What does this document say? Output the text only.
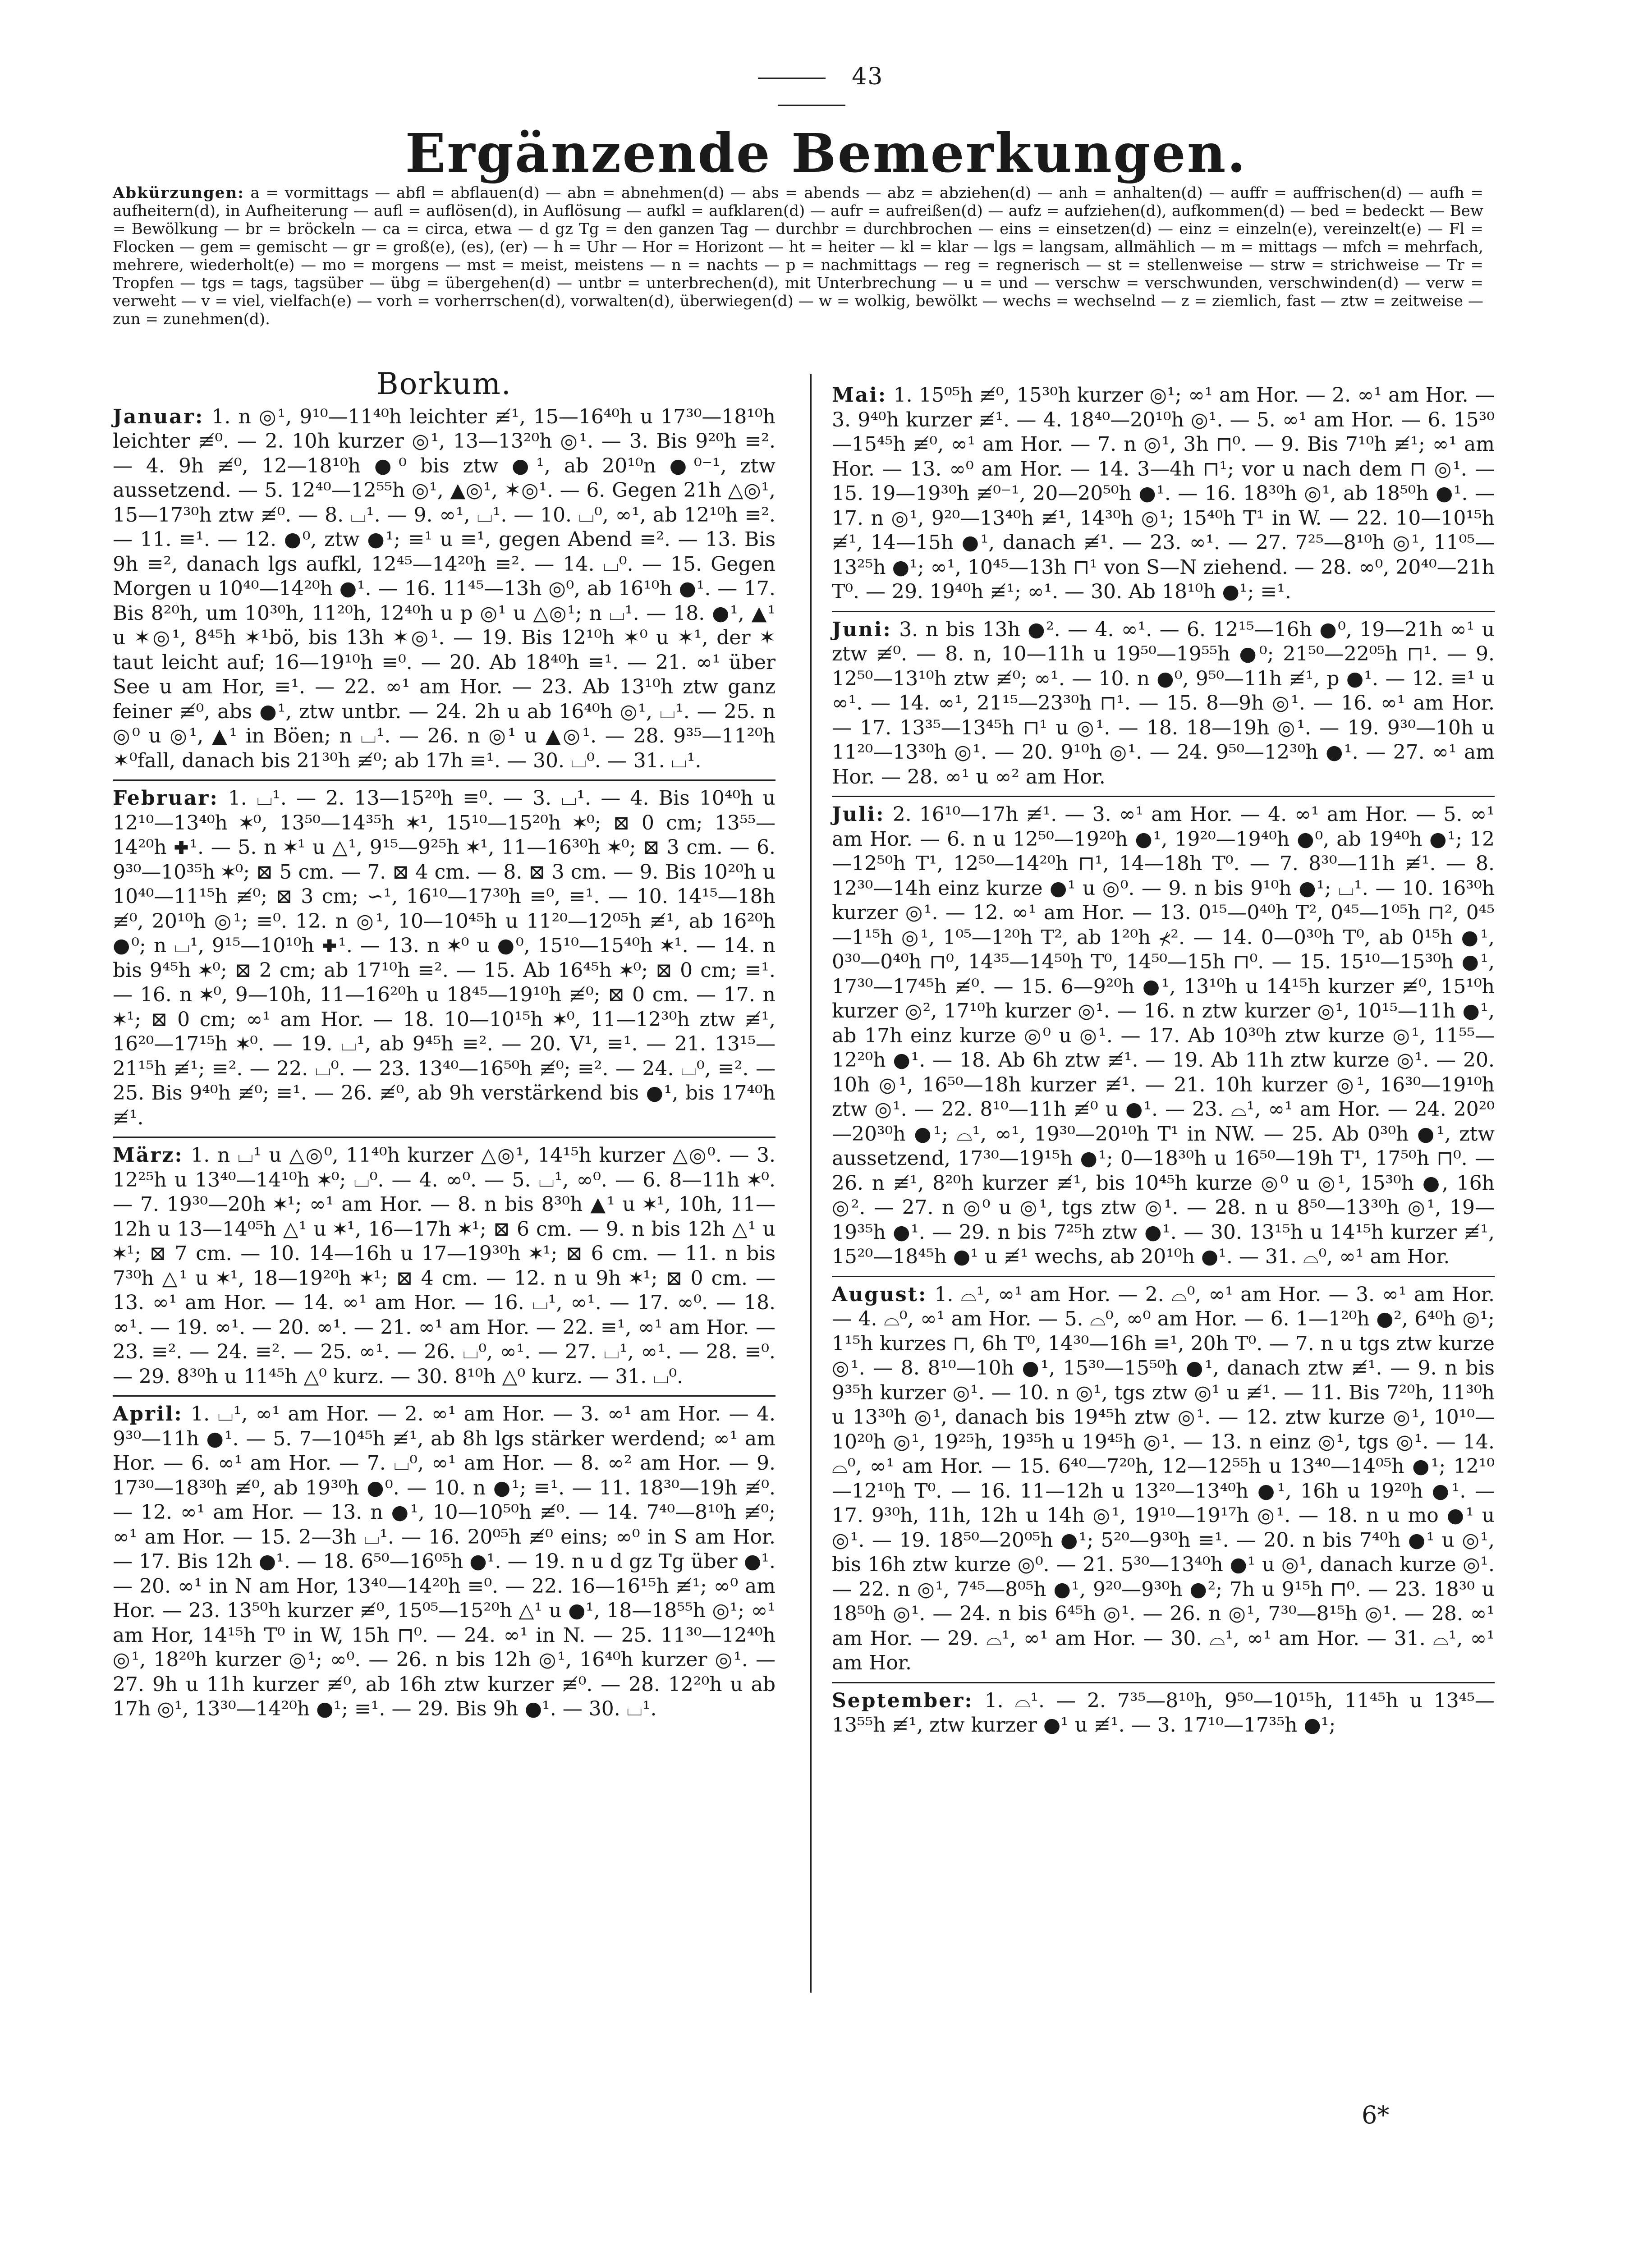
43
Ergänzende Bemerkungen.
Abkürzungen: a = vormittags — abfl = abflauen(d) — abn = abnehmen(d) — abs = abends — abz = abziehen(d) — anh = anhalten(d) — auffr = auffrischen(d) — aufh = aufheitern(d), in Aufheiterung — aufl = auflösen(d), in Auflösung — aufkl = aufklaren(d) — aufr = aufreißen(d) — aufz = aufziehen(d), aufkommen(d) — bed = bedeckt — Bew = Bewölkung — br = bröckeln — ca = circa, etwa — d gz Tg = den ganzen Tag — durchbr = durchbrochen — eins = einsetzen(d) — einz = einzeln(e), vereinzelt(e) — Fl = Flocken — gem = gemischt — gr = groß(e), (es), (er) — h = Uhr — Hor = Horizont — ht = heiter — kl = klar — lgs = langsam, allmählich — m = mittags — mfch = mehrfach, mehrere, wiederholt(e) — mo = morgens — mst = meist, meistens — n = nachts — p = nachmittags — reg = regnerisch — st = stellenweise — strw = strichweise — Tr = Tropfen — tgs = tags, tagsüber — übg = übergehen(d) — untbr = unterbrechen(d), mit Unterbrechung — u = und — verschw = verschwunden, verschwinden(d) — verw = verweht — v = viel, vielfach(e) — vorh = vorherrschen(d), vorwalten(d), überwiegen(d) — w = wolkig, bewölkt — wechs = wechselnd — z = ziemlich, fast — ztw = zeitweise — zun = zunehmen(d).
Borkum.

Januar: 1. n ◎¹, 9¹⁰—11⁴⁰h leichter ≢¹, 15—16⁴⁰h u 17³⁰—18¹⁰h leichter ≢⁰. — 2. 10h kurzer ◎¹, 13—13²⁰h ◎¹. — 3. Bis 9²⁰h ≡². — 4. 9h ≢⁰, 12—18¹⁰h ●⁰ bis ztw ●¹, ab 20¹⁰n ●⁰⁻¹, ztw aussetzend. — 5. 12⁴⁰—12⁵⁵h ◎¹, ▲◎¹, ✶◎¹. — 6. Gegen 21h △◎¹, 15—17³⁰h ztw ≢⁰. — 8. ⌴¹. — 9. ∞¹, ⌴¹. — 10. ⌴⁰, ∞¹, ab 12¹⁰h ≡². — 11. ≡¹. — 12. ●⁰, ztw ●¹; ≡¹ u ≡¹, gegen Abend ≡². — 13. Bis 9h ≡², danach lgs aufkl, 12⁴⁵—14²⁰h ≡². — 14. ⌴⁰. — 15. Gegen Morgen u 10⁴⁰—14²⁰h ●¹. — 16. 11⁴⁵—13h ◎⁰, ab 16¹⁰h ●¹. — 17. Bis 8²⁰h, um 10³⁰h, 11²⁰h, 12⁴⁰h u p ◎¹ u △◎¹; n ⌴¹. — 18. ●¹, ▲¹ u ✶◎¹, 8⁴⁵h ✶¹bö, bis 13h ✶◎¹. — 19. Bis 12¹⁰h ✶⁰ u ✶¹, der ✶ taut leicht auf; 16—19¹⁰h ≡⁰. — 20. Ab 18⁴⁰h ≡¹. — 21. ∞¹ über See u am Hor, ≡¹. — 22. ∞¹ am Hor. — 23. Ab 13¹⁰h ztw ganz feiner ≢⁰, abs ●¹, ztw untbr. — 24. 2h u ab 16⁴⁰h ◎¹, ⌴¹. — 25. n ◎⁰ u ◎¹, ▲¹ in Böen; n ⌴¹. — 26. n ◎¹ u ▲◎¹. — 28. 9³⁵—11²⁰h ✶⁰fall, danach bis 21³⁰h ≢⁰; ab 17h ≡¹. — 30. ⌴⁰. — 31. ⌴¹.

Februar: 1. ⌴¹. — 2. 13—15²⁰h ≡⁰. — 3. ⌴¹. — 4. Bis 10⁴⁰h u 12¹⁰—13⁴⁰h ✶⁰, 13⁵⁰—14³⁵h ✶¹, 15¹⁰—15²⁰h ✶⁰; ⊠ 0 cm; 13⁵⁵—14²⁰h ✚¹. — 5. n ✶¹ u △¹, 9¹⁵—9²⁵h ✶¹, 11—16³⁰h ✶⁰; ⊠ 3 cm. — 6. 9³⁰—10³⁵h ✶⁰; ⊠ 5 cm. — 7. ⊠ 4 cm. — 8. ⊠ 3 cm. — 9. Bis 10²⁰h u 10⁴⁰—11¹⁵h ≢⁰; ⊠ 3 cm; ∽¹, 16¹⁰—17³⁰h ≡⁰, ≡¹. — 10. 14¹⁵—18h ≢⁰, 20¹⁰h ◎¹; ≡⁰. 12. n ◎¹, 10—10⁴⁵h u 11²⁰—12⁰⁵h ≢¹, ab 16²⁰h ●⁰; n ⌴¹, 9¹⁵—10¹⁰h ✚¹. — 13. n ✶⁰ u ●⁰, 15¹⁰—15⁴⁰h ✶¹. — 14. n bis 9⁴⁵h ✶⁰; ⊠ 2 cm; ab 17¹⁰h ≡². — 15. Ab 16⁴⁵h ✶⁰; ⊠ 0 cm; ≡¹. — 16. n ✶⁰, 9—10h, 11—16²⁰h u 18⁴⁵—19¹⁰h ≢⁰; ⊠ 0 cm. — 17. n ✶¹; ⊠ 0 cm; ∞¹ am Hor. — 18. 10—10¹⁵h ✶⁰, 11—12³⁰h ztw ≢¹, 16²⁰—17¹⁵h ✶⁰. — 19. ⌴¹, ab 9⁴⁵h ≡². — 20. V¹, ≡¹. — 21. 13¹⁵—21¹⁵h ≢¹; ≡². — 22. ⌴⁰. — 23. 13⁴⁰—16⁵⁰h ≢⁰; ≡². — 24. ⌴⁰, ≡². — 25. Bis 9⁴⁰h ≢⁰; ≡¹. — 26. ≢⁰, ab 9h verstärkend bis ●¹, bis 17⁴⁰h ≢¹.

März: 1. n ⌴¹ u △◎⁰, 11⁴⁰h kurzer △◎¹, 14¹⁵h kurzer △◎⁰. — 3. 12²⁵h u 13⁴⁰—14¹⁰h ✶⁰; ⌴⁰. — 4. ∞⁰. — 5. ⌴¹, ∞⁰. — 6. 8—11h ✶⁰. — 7. 19³⁰—20h ✶¹; ∞¹ am Hor. — 8. n bis 8³⁰h ▲¹ u ✶¹, 10h, 11—12h u 13—14⁰⁵h △¹ u ✶¹, 16—17h ✶¹; ⊠ 6 cm. — 9. n bis 12h △¹ u ✶¹; ⊠ 7 cm. — 10. 14—16h u 17—19³⁰h ✶¹; ⊠ 6 cm. — 11. n bis 7³⁰h △¹ u ✶¹, 18—19²⁰h ✶¹; ⊠ 4 cm. — 12. n u 9h ✶¹; ⊠ 0 cm. — 13. ∞¹ am Hor. — 14. ∞¹ am Hor. — 16. ⌴¹, ∞¹. — 17. ∞⁰. — 18. ∞¹. — 19. ∞¹. — 20. ∞¹. — 21. ∞¹ am Hor. — 22. ≡¹, ∞¹ am Hor. — 23. ≡². — 24. ≡². — 25. ∞¹. — 26. ⌴⁰, ∞¹. — 27. ⌴¹, ∞¹. — 28. ≡⁰. — 29. 8³⁰h u 11⁴⁵h △⁰ kurz. — 30. 8¹⁰h △⁰ kurz. — 31. ⌴⁰.

April: 1. ⌴¹, ∞¹ am Hor. — 2. ∞¹ am Hor. — 3. ∞¹ am Hor. — 4. 9³⁰—11h ●¹. — 5. 7—10⁴⁵h ≢¹, ab 8h lgs stärker werdend; ∞¹ am Hor. — 6. ∞¹ am Hor. — 7. ⌴⁰, ∞¹ am Hor. — 8. ∞² am Hor. — 9. 17³⁰—18³⁰h ≢⁰, ab 19³⁰h ●⁰. — 10. n ●¹; ≡¹. — 11. 18³⁰—19h ≢⁰. — 12. ∞¹ am Hor. — 13. n ●¹, 10—10⁵⁰h ≢⁰. — 14. 7⁴⁰—8¹⁰h ≢⁰; ∞¹ am Hor. — 15. 2—3h ⌴¹. — 16. 20⁰⁵h ≢⁰ eins; ∞⁰ in S am Hor. — 17. Bis 12h ●¹. — 18. 6⁵⁰—16⁰⁵h ●¹. — 19. n u d gz Tg über ●¹. — 20. ∞¹ in N am Hor, 13⁴⁰—14²⁰h ≡⁰. — 22. 16—16¹⁵h ≢¹; ∞⁰ am Hor. — 23. 13⁵⁰h kurzer ≢⁰, 15⁰⁵—15²⁰h △¹ u ●¹, 18—18⁵⁵h ◎¹; ∞¹ am Hor, 14¹⁵h T⁰ in W, 15h ⊓⁰. — 24. ∞¹ in N. — 25. 11³⁰—12⁴⁰h ◎¹, 18²⁰h kurzer ◎¹; ∞⁰. — 26. n bis 12h ◎¹, 16⁴⁰h kurzer ◎¹. — 27. 9h u 11h kurzer ≢⁰, ab 16h ztw kurzer ≢⁰. — 28. 12²⁰h u ab 17h ◎¹, 13³⁰—14²⁰h ●¹; ≡¹. — 29. Bis 9h ●¹. — 30. ⌴¹.

Mai: 1. 15⁰⁵h ≢⁰, 15³⁰h kurzer ◎¹; ∞¹ am Hor. — 2. ∞¹ am Hor. — 3. 9⁴⁰h kurzer ≢¹. — 4. 18⁴⁰—20¹⁰h ◎¹. — 5. ∞¹ am Hor. — 6. 15³⁰—15⁴⁵h ≢⁰, ∞¹ am Hor. — 7. n ◎¹, 3h ⊓⁰. — 9. Bis 7¹⁰h ≢¹; ∞¹ am Hor. — 13. ∞⁰ am Hor. — 14. 3—4h ⊓¹; vor u nach dem ⊓ ◎¹. — 15. 19—19³⁰h ≢⁰⁻¹, 20—20⁵⁰h ●¹. — 16. 18³⁰h ◎¹, ab 18⁵⁰h ●¹. — 17. n ◎¹, 9²⁰—13⁴⁰h ≢¹, 14³⁰h ◎¹; 15⁴⁰h T¹ in W. — 22. 10—10¹⁵h ≢¹, 14—15h ●¹, danach ≢¹. — 23. ∞¹. — 27. 7²⁵—8¹⁰h ◎¹, 11⁰⁵—13²⁵h ●¹; ∞¹, 10⁴⁵—13h ⊓¹ von S—N ziehend. — 28. ∞⁰, 20⁴⁰—21h T⁰. — 29. 19⁴⁰h ≢¹; ∞¹. — 30. Ab 18¹⁰h ●¹; ≡¹.

Juni: 3. n bis 13h ●². — 4. ∞¹. — 6. 12¹⁵—16h ●⁰, 19—21h ∞¹ u ztw ≢⁰. — 8. n, 10—11h u 19⁵⁰—19⁵⁵h ●⁰; 21⁵⁰—22⁰⁵h ⊓¹. — 9. 12⁵⁰—13¹⁰h ztw ≢⁰; ∞¹. — 10. n ●⁰, 9⁵⁰—11h ≢¹, p ●¹. — 12. ≡¹ u ∞¹. — 14. ∞¹, 21¹⁵—23³⁰h ⊓¹. — 15. 8—9h ◎¹. — 16. ∞¹ am Hor. — 17. 13³⁵—13⁴⁵h ⊓¹ u ◎¹. — 18. 18—19h ◎¹. — 19. 9³⁰—10h u 11²⁰—13³⁰h ◎¹. — 20. 9¹⁰h ◎¹. — 24. 9⁵⁰—12³⁰h ●¹. — 27. ∞¹ am Hor. — 28. ∞¹ u ∞² am Hor.

Juli: 2. 16¹⁰—17h ≢¹. — 3. ∞¹ am Hor. — 4. ∞¹ am Hor. — 5. ∞¹ am Hor. — 6. n u 12⁵⁰—19²⁰h ●¹, 19²⁰—19⁴⁰h ●⁰, ab 19⁴⁰h ●¹; 12—12⁵⁰h T¹, 12⁵⁰—14²⁰h ⊓¹, 14—18h T⁰. — 7. 8³⁰—11h ≢¹. — 8. 12³⁰—14h einz kurze ●¹ u ◎⁰. — 9. n bis 9¹⁰h ●¹; ⌴¹. — 10. 16³⁰h kurzer ◎¹. — 12. ∞¹ am Hor. — 13. 0¹⁵—0⁴⁰h T², 0⁴⁵—1⁰⁵h ⊓², 0⁴⁵—1¹⁵h ◎¹, 1⁰⁵—1²⁰h T², ab 1²⁰h ⊀². — 14. 0—0³⁰h T⁰, ab 0¹⁵h ●¹, 0³⁰—0⁴⁰h ⊓⁰, 14³⁵—14⁵⁰h T⁰, 14⁵⁰—15h ⊓⁰. — 15. 15¹⁰—15³⁰h ●¹, 17³⁰—17⁴⁵h ≢⁰. — 15. 6—9²⁰h ●¹, 13¹⁰h u 14¹⁵h kurzer ≢⁰, 15¹⁰h kurzer ◎², 17¹⁰h kurzer ◎¹. — 16. n ztw kurzer ◎¹, 10¹⁵—11h ●¹, ab 17h einz kurze ◎⁰ u ◎¹. — 17. Ab 10³⁰h ztw kurze ◎¹, 11⁵⁵—12²⁰h ●¹. — 18. Ab 6h ztw ≢¹. — 19. Ab 11h ztw kurze ◎¹. — 20. 10h ◎¹, 16⁵⁰—18h kurzer ≢¹. — 21. 10h kurzer ◎¹, 16³⁰—19¹⁰h ztw ◎¹. — 22. 8¹⁰—11h ≢⁰ u ●¹. — 23. ⌓¹, ∞¹ am Hor. — 24. 20²⁰—20³⁰h ●¹; ⌓¹, ∞¹, 19³⁰—20¹⁰h T¹ in NW. — 25. Ab 0³⁰h ●¹, ztw aussetzend, 17³⁰—19¹⁵h ●¹; 0—18³⁰h u 16⁵⁰—19h T¹, 17⁵⁰h ⊓⁰. — 26. n ≢¹, 8²⁰h kurzer ≢¹, bis 10⁴⁵h kurze ◎⁰ u ◎¹, 15³⁰h ●, 16h ◎². — 27. n ◎⁰ u ◎¹, tgs ztw ◎¹. — 28. n u 8⁵⁰—13³⁰h ◎¹, 19—19³⁵h ●¹. — 29. n bis 7²⁵h ztw ●¹. — 30. 13¹⁵h u 14¹⁵h kurzer ≢¹, 15²⁰—18⁴⁵h ●¹ u ≢¹ wechs, ab 20¹⁰h ●¹. — 31. ⌓⁰, ∞¹ am Hor.

August: 1. ⌓¹, ∞¹ am Hor. — 2. ⌓⁰, ∞¹ am Hor. — 3. ∞¹ am Hor. — 4. ⌓⁰, ∞¹ am Hor. — 5. ⌓⁰, ∞⁰ am Hor. — 6. 1—1²⁰h ●², 6⁴⁰h ◎¹; 1¹⁵h kurzes ⊓, 6h T⁰, 14³⁰—16h ≡¹, 20h T⁰. — 7. n u tgs ztw kurze ◎¹. — 8. 8¹⁰—10h ●¹, 15³⁰—15⁵⁰h ●¹, danach ztw ≢¹. — 9. n bis 9³⁵h kurzer ◎¹. — 10. n ◎¹, tgs ztw ◎¹ u ≢¹. — 11. Bis 7²⁰h, 11³⁰h u 13³⁰h ◎¹, danach bis 19⁴⁵h ztw ◎¹. — 12. ztw kurze ◎¹, 10¹⁰—10²⁰h ◎¹, 19²⁵h, 19³⁵h u 19⁴⁵h ◎¹. — 13. n einz ◎¹, tgs ◎¹. — 14. ⌓⁰, ∞¹ am Hor. — 15. 6⁴⁰—7²⁰h, 12—12⁵⁵h u 13⁴⁰—14⁰⁵h ●¹; 12¹⁰—12¹⁰h T⁰. — 16. 11—12h u 13²⁰—13⁴⁰h ●¹, 16h u 19²⁰h ●¹. — 17. 9³⁰h, 11h, 12h u 14h ◎¹, 19¹⁰—19¹⁷h ◎¹. — 18. n u mo ●¹ u ◎¹. — 19. 18⁵⁰—20⁰⁵h ●¹; 5²⁰—9³⁰h ≡¹. — 20. n bis 7⁴⁰h ●¹ u ◎¹, bis 16h ztw kurze ◎⁰. — 21. 5³⁰—13⁴⁰h ●¹ u ◎¹, danach kurze ◎¹. — 22. n ◎¹, 7⁴⁵—8⁰⁵h ●¹, 9²⁰—9³⁰h ●²; 7h u 9¹⁵h ⊓⁰. — 23. 18³⁰ u 18⁵⁰h ◎¹. — 24. n bis 6⁴⁵h ◎¹. — 26. n ◎¹, 7³⁰—8¹⁵h ◎¹. — 28. ∞¹ am Hor. — 29. ⌓¹, ∞¹ am Hor. — 30. ⌓¹, ∞¹ am Hor. — 31. ⌓¹, ∞¹ am Hor.

September: 1. ⌓¹. — 2. 7³⁵—8¹⁰h, 9⁵⁰—10¹⁵h, 11⁴⁵h u 13⁴⁵—13⁵⁵h ≢¹, ztw kurzer ●¹ u ≢¹. — 3. 17¹⁰—17³⁵h ●¹;

6*
